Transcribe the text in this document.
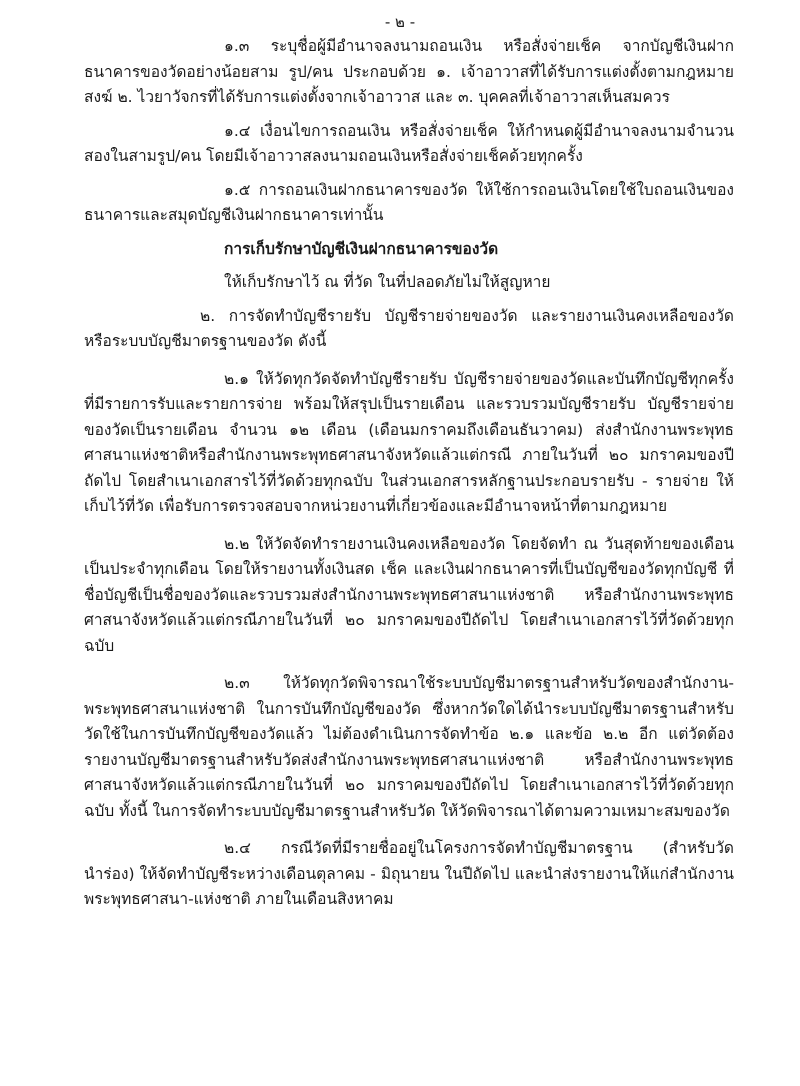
- ๒ -

๑.๓ ระบุชื่อผู้มีอำนาจลงนามถอนเงิน หรือสั่งจ่ายเช็ค จากบัญชีเงินฝากธนาคารของวัดอย่างน้อยสาม รูป/คน ประกอบด้วย ๑. เจ้าอาวาสที่ได้รับการแต่งตั้งตามกฎหมายสงฆ์ ๒. ไวยาวัจกรที่ได้รับการแต่งตั้งจากเจ้าอาวาส และ ๓. บุคคลที่เจ้าอาวาสเห็นสมควร

๑.๔ เงื่อนไขการถอนเงิน หรือสั่งจ่ายเช็ค ให้กำหนดผู้มีอำนาจลงนามจำนวนสองในสามรูป/คน โดยมีเจ้าอาวาสลงนามถอนเงินหรือสั่งจ่ายเช็คด้วยทุกครั้ง

๑.๕ การถอนเงินฝากธนาคารของวัด ให้ใช้การถอนเงินโดยใช้ใบถอนเงินของธนาคารและสมุดบัญชีเงินฝากธนาคารเท่านั้น

การเก็บรักษาบัญชีเงินฝากธนาคารของวัด

ให้เก็บรักษาไว้ ณ ที่วัด ในที่ปลอดภัยไม่ให้สูญหาย

๒. การจัดทำบัญชีรายรับ บัญชีรายจ่ายของวัด และรายงานเงินคงเหลือของวัดหรือระบบบัญชีมาตรฐานของวัด ดังนี้

๒.๑ ให้วัดทุกวัดจัดทำบัญชีรายรับ บัญชีรายจ่ายของวัดและบันทึกบัญชีทุกครั้งที่มีรายการรับและรายการจ่าย พร้อมให้สรุปเป็นรายเดือน และรวบรวมบัญชีรายรับ บัญชีรายจ่ายของวัดเป็นรายเดือน จำนวน ๑๒ เดือน (เดือนมกราคมถึงเดือนธันวาคม) ส่งสำนักงานพระพุทธศาสนาแห่งชาติหรือสำนักงานพระพุทธศาสนาจังหวัดแล้วแต่กรณี ภายในวันที่ ๒๐ มกราคมของปีถัดไป โดยสำเนาเอกสารไว้ที่วัดด้วยทุกฉบับ ในส่วนเอกสารหลักฐานประกอบรายรับ - รายจ่าย ให้เก็บไว้ที่วัด เพื่อรับการตรวจสอบจากหน่วยงานที่เกี่ยวข้องและมีอำนาจหน้าที่ตามกฎหมาย

๒.๒ ให้วัดจัดทำรายงานเงินคงเหลือของวัด โดยจัดทำ ณ วันสุดท้ายของเดือน เป็นประจำทุกเดือน โดยให้รายงานทั้งเงินสด เช็ค และเงินฝากธนาคารที่เป็นบัญชีของวัดทุกบัญชี ที่ชื่อบัญชีเป็นชื่อของวัดและรวบรวมส่งสำนักงานพระพุทธศาสนาแห่งชาติ หรือสำนักงานพระพุทธศาสนาจังหวัดแล้วแต่กรณีภายในวันที่ ๒๐ มกราคมของปีถัดไป โดยสำเนาเอกสารไว้ที่วัดด้วยทุกฉบับ

๒.๓ ให้วัดทุกวัดพิจารณาใช้ระบบบัญชีมาตรฐานสำหรับวัดของสำนักงาน-พระพุทธศาสนาแห่งชาติ ในการบันทึกบัญชีของวัด ซึ่งหากวัดใดได้นำระบบบัญชีมาตรฐานสำหรับวัดใช้ในการบันทึกบัญชีของวัดแล้ว ไม่ต้องดำเนินการจัดทำข้อ ๒.๑ และข้อ ๒.๒ อีก แต่วัดต้องรายงานบัญชีมาตรฐานสำหรับวัดส่งสำนักงานพระพุทธศาสนาแห่งชาติ หรือสำนักงานพระพุทธศาสนาจังหวัดแล้วแต่กรณีภายในวันที่ ๒๐ มกราคมของปีถัดไป โดยสำเนาเอกสารไว้ที่วัดด้วยทุกฉบับ ทั้งนี้ ในการจัดทำระบบบัญชีมาตรฐานสำหรับวัด ให้วัดพิจารณาได้ตามความเหมาะสมของวัด

๒.๔ กรณีวัดที่มีรายชื่ออยู่ในโครงการจัดทำบัญชีมาตรฐาน (สำหรับวัดนำร่อง) ให้จัดทำบัญชีระหว่างเดือนตุลาคม - มิถุนายน ในปีถัดไป และนำส่งรายงานให้แก่สำนักงานพระพุทธศาสนา-แห่งชาติ ภายในเดือนสิงหาคม
